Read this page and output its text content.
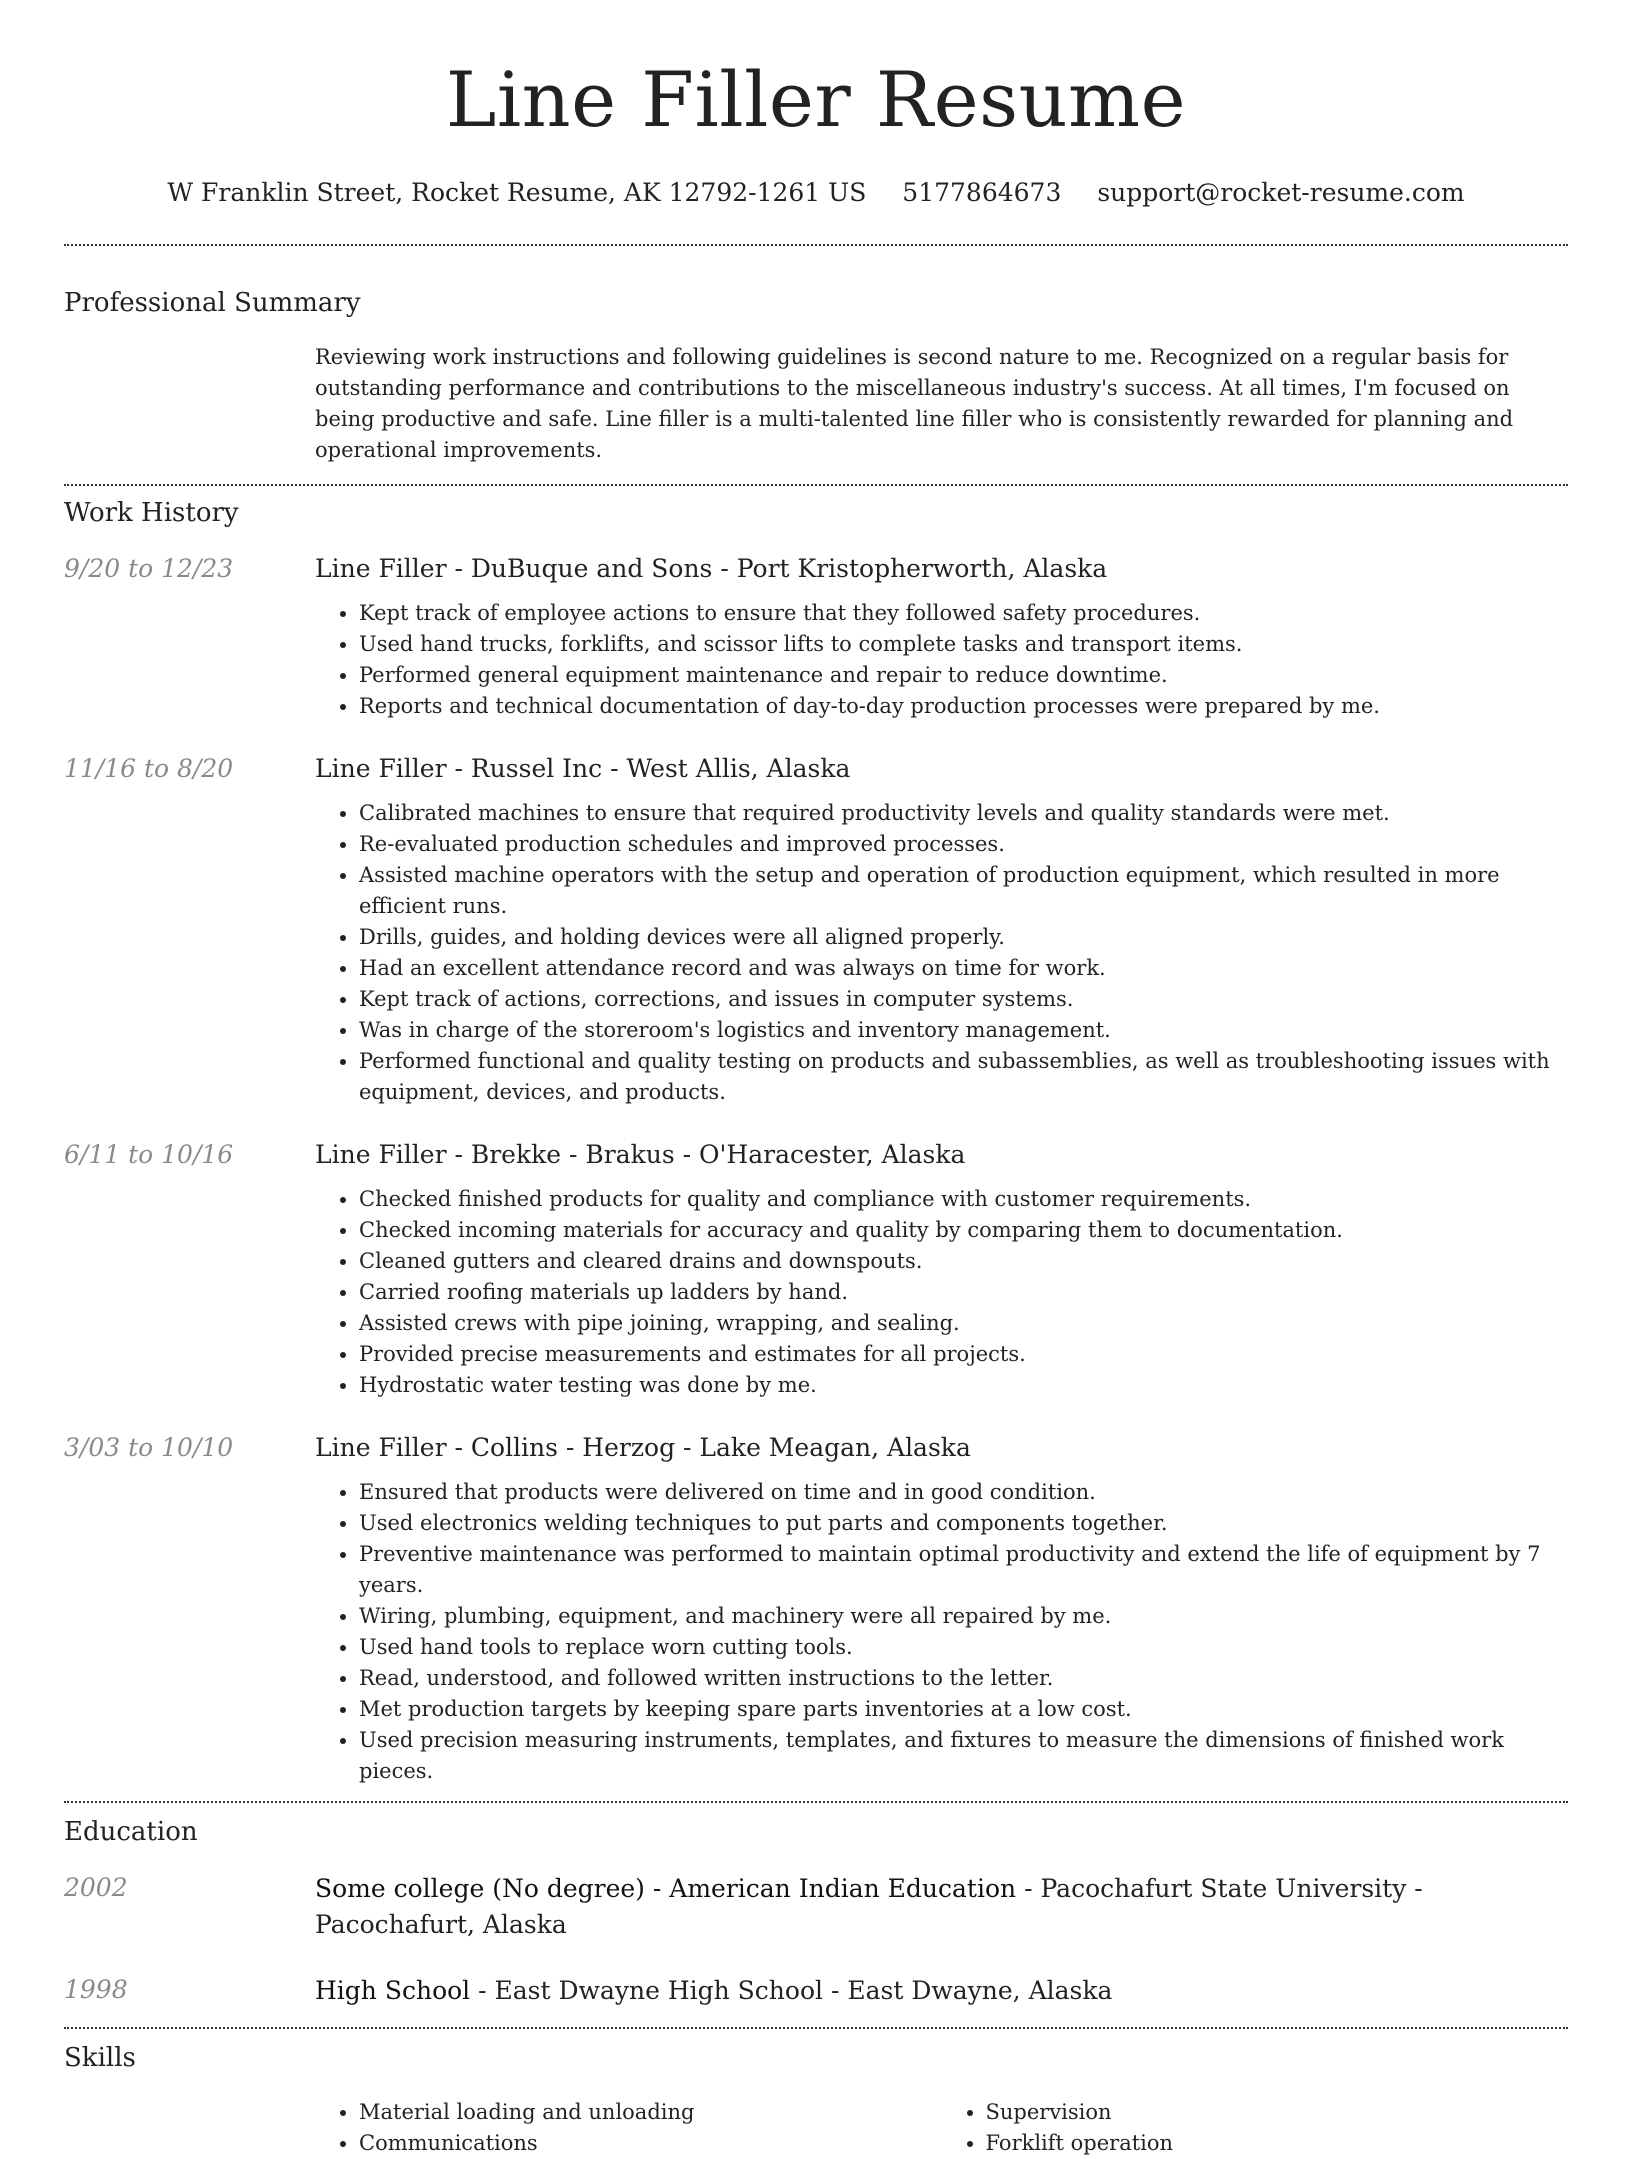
Line Filler Resume
W Franklin Street, Rocket Resume, AK 12792-1261 US 5177864673 support@rocket-resume.com
Professional Summary

Reviewing work instructions and following guidelines is second nature to me. Recognized on a regular basis for outstanding performance and contributions to the miscellaneous industry's success. At all times, I'm focused on being productive and safe. Line filler is a multi-talented line filler who is consistently rewarded for planning and operational improvements.

Work History
9/20 to 12/23	Line Filler - DuBuque and Sons - Port Kristopherworth, Alaska
• Kept track of employee actions to ensure that they followed safety procedures.
• Used hand trucks, forklifts, and scissor lifts to complete tasks and transport items.
• Performed general equipment maintenance and repair to reduce downtime.
• Reports and technical documentation of day-to-day production processes were prepared by me.
11/16 to 8/20	Line Filler - Russel Inc - West Allis, Alaska
• Calibrated machines to ensure that required productivity levels and quality standards were met.
• Re-evaluated production schedules and improved processes.
• Assisted machine operators with the setup and operation of production equipment, which resulted in more efficient runs.
• Drills, guides, and holding devices were all aligned properly.
• Had an excellent attendance record and was always on time for work.
• Kept track of actions, corrections, and issues in computer systems.
• Was in charge of the storeroom's logistics and inventory management.
• Performed functional and quality testing on products and subassemblies, as well as troubleshooting issues with equipment, devices, and products.
6/11 to 10/16	Line Filler - Brekke - Brakus - O'Haracester, Alaska
• Checked finished products for quality and compliance with customer requirements.
• Checked incoming materials for accuracy and quality by comparing them to documentation.
• Cleaned gutters and cleared drains and downspouts.
• Carried roofing materials up ladders by hand.
• Assisted crews with pipe joining, wrapping, and sealing.
• Provided precise measurements and estimates for all projects.
• Hydrostatic water testing was done by me.
3/03 to 10/10	Line Filler - Collins - Herzog - Lake Meagan, Alaska
• Ensured that products were delivered on time and in good condition.
• Used electronics welding techniques to put parts and components together.
• Preventive maintenance was performed to maintain optimal productivity and extend the life of equipment by 7 years.
• Wiring, plumbing, equipment, and machinery were all repaired by me.
• Used hand tools to replace worn cutting tools.
• Read, understood, and followed written instructions to the letter.
• Met production targets by keeping spare parts inventories at a low cost.
• Used precision measuring instruments, templates, and fixtures to measure the dimensions of finished work pieces.
Education
2002	Some college (No degree) - American Indian Education - Pacochafurt State University - Pacochafurt, Alaska
1998	High School - East Dwayne High School - East Dwayne, Alaska
Skills
• Material loading and unloading
• Communications
• Supervision
• Forklift operation
